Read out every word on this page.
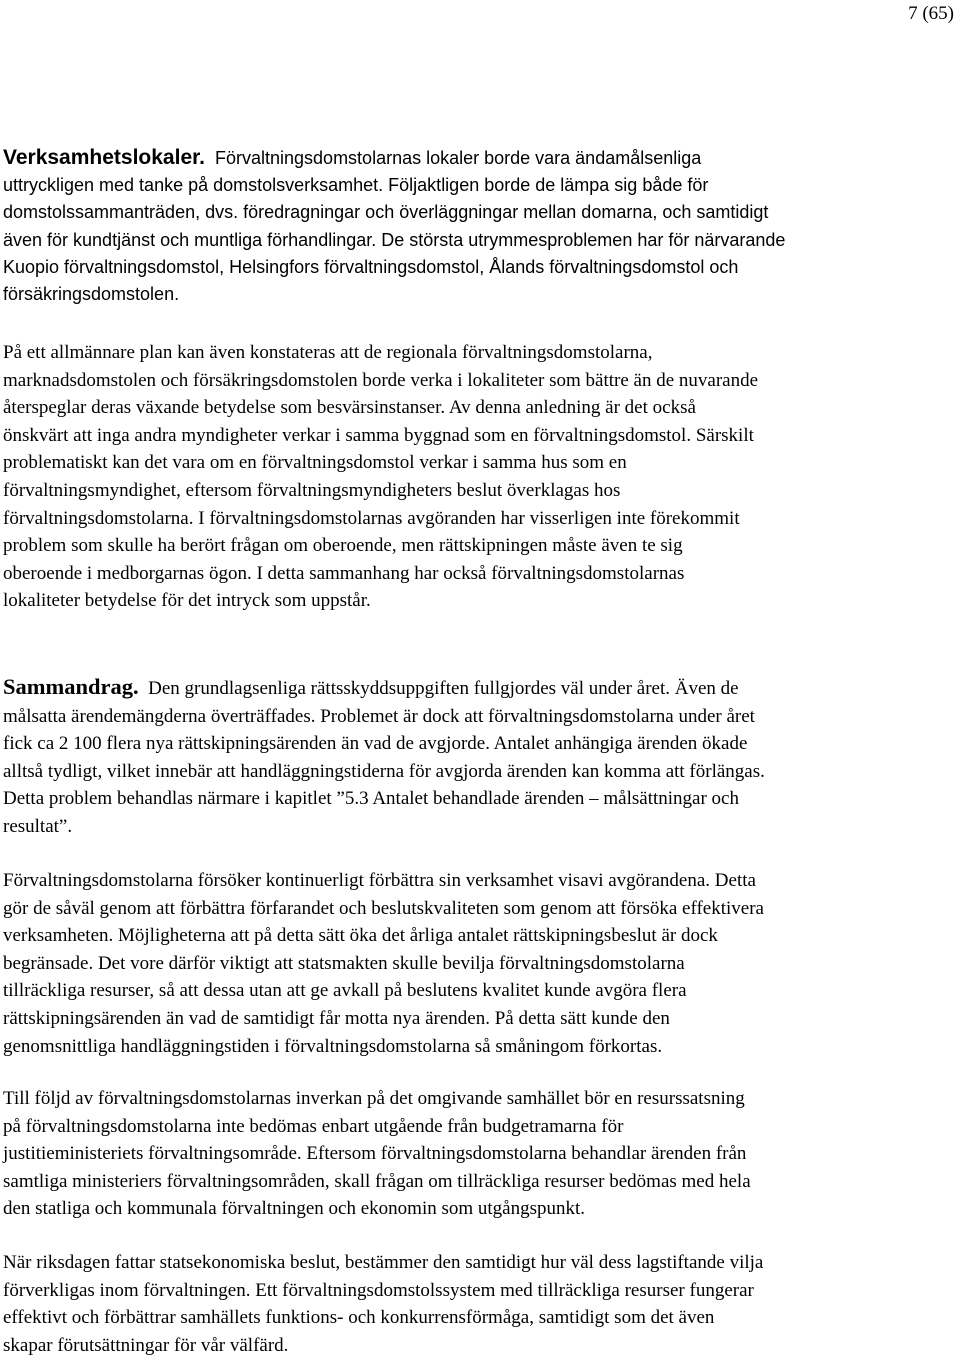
7 (65)

Verksamhetslokaler. Förvaltningsdomstolarnas lokaler borde vara ändamålsenliga
uttryckligen med tanke på domstolsverksamhet. Följaktligen borde de lämpa sig både för
domstolssammanträden, dvs. föredragningar och överläggningar mellan domarna, och samtidigt
även för kundtjänst och muntliga förhandlingar. De största utrymmesproblemen har för närvarande
Kuopio förvaltningsdomstol, Helsingfors förvaltningsdomstol, Ålands förvaltningsdomstol och
försäkringsdomstolen.

På ett allmännare plan kan även konstateras att de regionala förvaltningsdomstolarna,
marknadsdomstolen och försäkringsdomstolen borde verka i lokaliteter som bättre än de nuvarande
återspeglar deras växande betydelse som besvärsinstanser. Av denna anledning är det också
önskvärt att inga andra myndigheter verkar i samma byggnad som en förvaltningsdomstol. Särskilt
problematiskt kan det vara om en förvaltningsdomstol verkar i samma hus som en
förvaltningsmyndighet, eftersom förvaltningsmyndigheters beslut överklagas hos
förvaltningsdomstolarna. I förvaltningsdomstolarnas avgöranden har visserligen inte förekommit
problem som skulle ha berört frågan om oberoende, men rättskipningen måste även te sig
oberoende i medborgarnas ögon. I detta sammanhang har också förvaltningsdomstolarnas
lokaliteter betydelse för det intryck som uppstår.

Sammandrag. Den grundlagsenliga rättsskyddsuppgiften fullgjordes väl under året. Även de
målsatta ärendemängderna överträffades. Problemet är dock att förvaltningsdomstolarna under året
fick ca 2 100 flera nya rättskipningsärenden än vad de avgjorde. Antalet anhängiga ärenden ökade
alltså tydligt, vilket innebär att handläggningstiderna för avgjorda ärenden kan komma att förlängas.
Detta problem behandlas närmare i kapitlet ”5.3 Antalet behandlade ärenden – målsättningar och
resultat”.

Förvaltningsdomstolarna försöker kontinuerligt förbättra sin verksamhet visavi avgörandena. Detta
gör de såväl genom att förbättra förfarandet och beslutskvaliteten som genom att försöka effektivera
verksamheten. Möjligheterna att på detta sätt öka det årliga antalet rättskipningsbeslut är dock
begränsade. Det vore därför viktigt att statsmakten skulle bevilja förvaltningsdomstolarna
tillräckliga resurser, så att dessa utan att ge avkall på beslutens kvalitet kunde avgöra flera
rättskipningsärenden än vad de samtidigt får motta nya ärenden. På detta sätt kunde den
genomsnittliga handläggningstiden i förvaltningsdomstolarna så småningom förkortas.

Till följd av förvaltningsdomstolarnas inverkan på det omgivande samhället bör en resurssatsning
på förvaltningsdomstolarna inte bedömas enbart utgående från budgetramarna för
justitieministeriets förvaltningsområde. Eftersom förvaltningsdomstolarna behandlar ärenden från
samtliga ministeriers förvaltningsområden, skall frågan om tillräckliga resurser bedömas med hela
den statliga och kommunala förvaltningen och ekonomin som utgångspunkt.

När riksdagen fattar statsekonomiska beslut, bestämmer den samtidigt hur väl dess lagstiftande vilja
förverkligas inom förvaltningen. Ett förvaltningsdomstolssystem med tillräckliga resurser fungerar
effektivt och förbättrar samhällets funktions- och konkurrensförmåga, samtidigt som det även
skapar förutsättningar för vår välfärd.
